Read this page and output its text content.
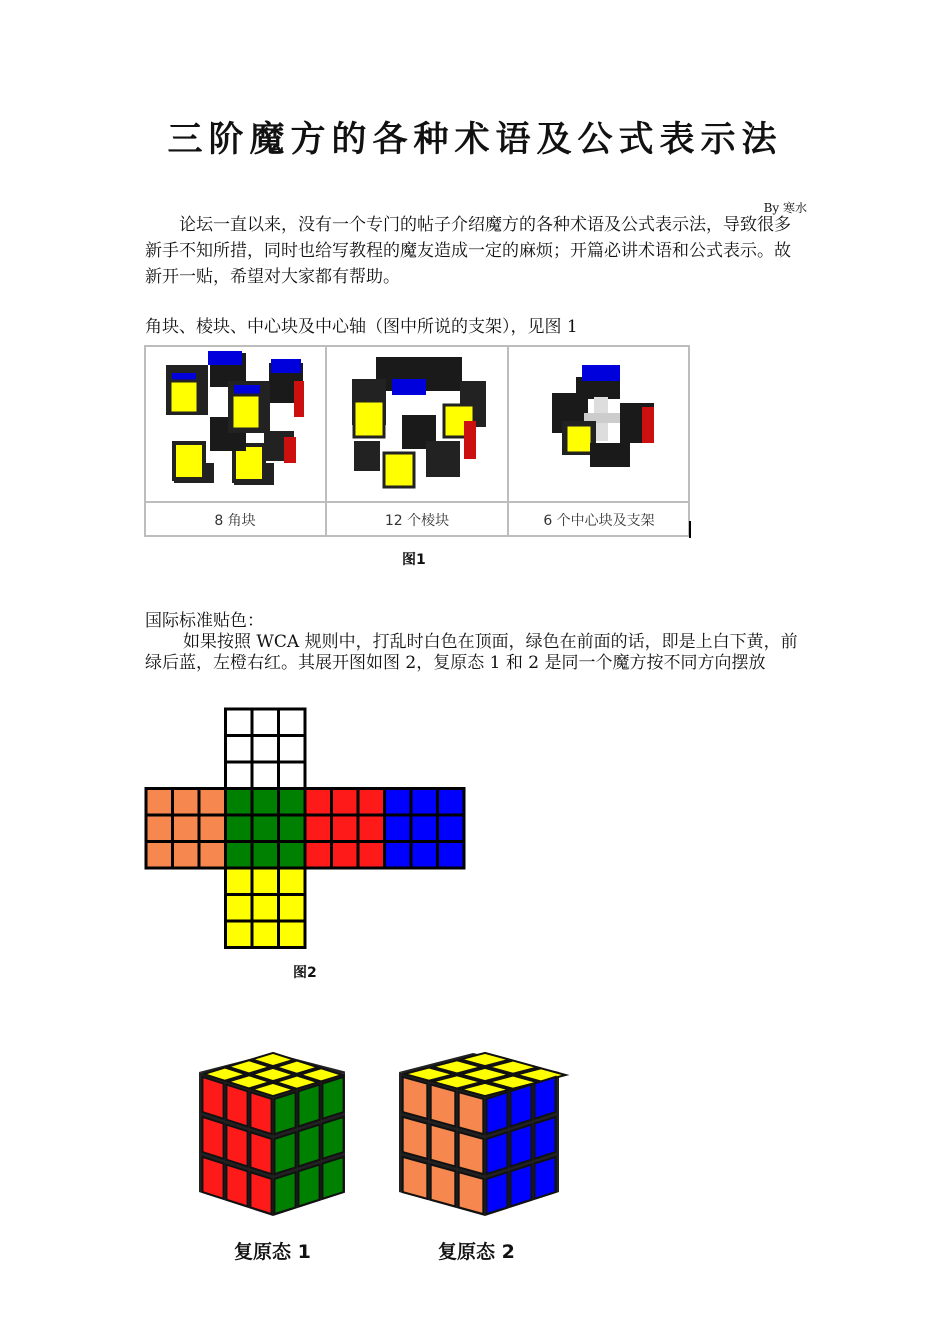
三阶魔方的各种术语及公式表示法
By 寒水
论坛一直以来，没有一个专门的帖子介绍魔方的各种术语及公式表示法，导致很多新手不知所措，同时也给写教程的魔友造成一定的麻烦；开篇必讲术语和公式表示。故新开一贴，希望对大家都有帮助。
角块、棱块、中心块及中心轴（图中所说的支架），见图 1
8 角块	12 个棱块	6 个中心块及支架
图1
国际标准贴色：
如果按照 WCA 规则中，打乱时白色在顶面，绿色在前面的话，即是上白下黄，前绿后蓝，左橙右红。其展开图如图 2，复原态 1 和 2 是同一个魔方按不同方向摆放
图2
复原态 1	复原态 2
